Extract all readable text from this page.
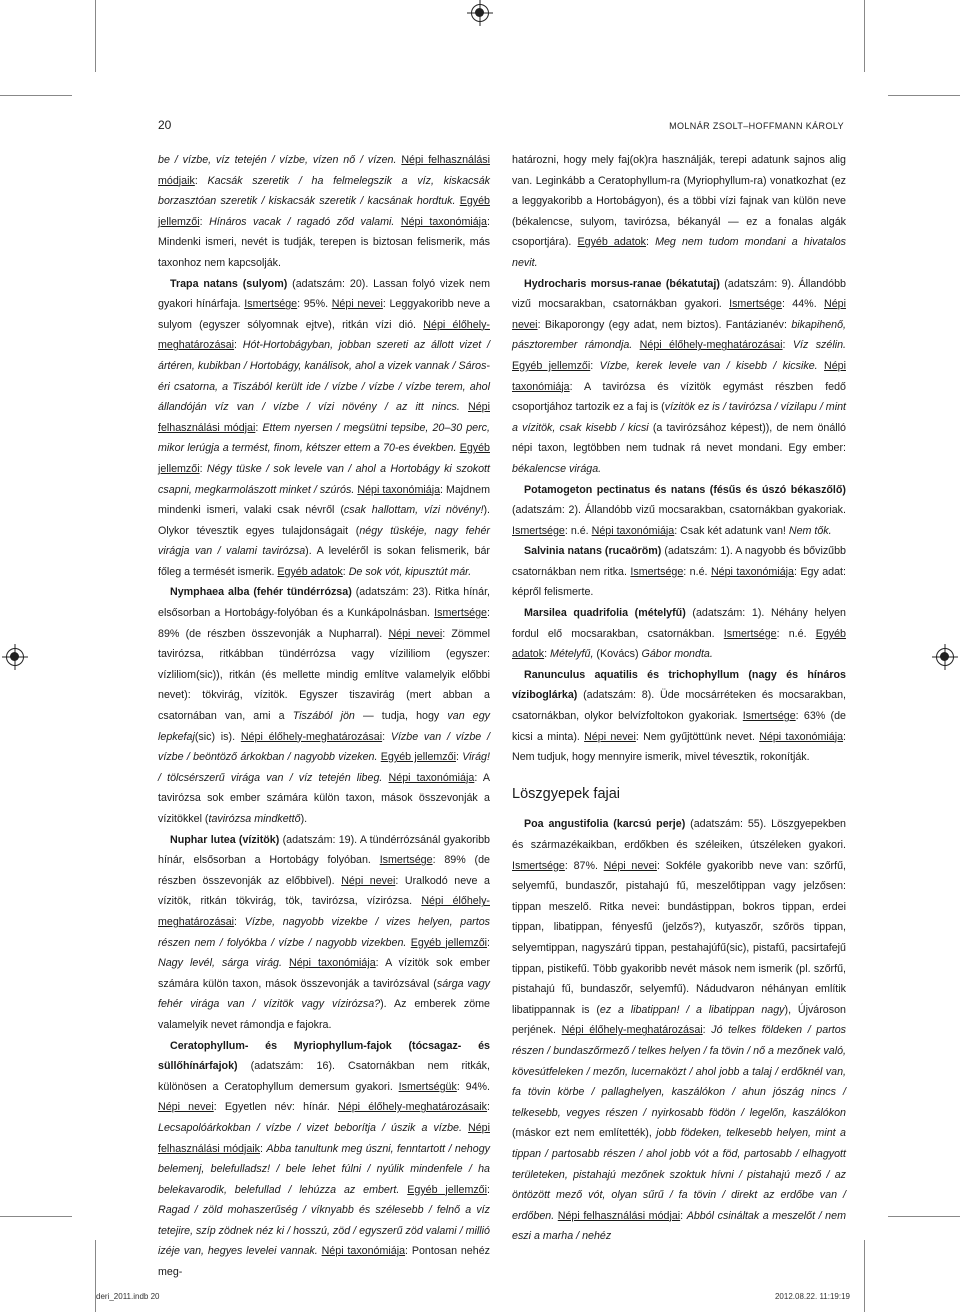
20	MOLNÁR ZSOLT–HOFFMANN KÁROLY

be / vízbe, víz tetején / vízbe, vízen nő / vízen. Népi felhasználási módjaik: Kacsák szeretik / ha felmelegszik a víz, kiskacsák borzasztóan szeretik / kiskacsák szeretik / kacsának hordtuk. Egyéb jellemzői: Hínáros vacak / ragadó ződ valami. Népi taxonómiája: Mindenki ismeri, nevét is tudják, terepen is biztosan felismerik, más taxonhoz nem kapcsolják.

Trapa natans (sulyom) (adatszám: 20). Lassan folyó vizek nem gyakori hínárfaja. Ismertsége: 95%. Népi nevei: Leggyakoribb neve a sulyom (egyszer sólyomnak ejtve), ritkán vízi dió. Népi élőhely-meghatározásai: Hót-Hortobágyban, jobban szereti az állott vizet / ártéren, kubikban / Hortobágy, kanálisok, ahol a vizek vannak / Sáros-éri csatorna, a Tiszából került ide / vízbe / vízbe / vízbe terem, ahol állandóján víz van / vízbe / vízi növény / az itt nincs. Népi felhasználási módjai: Ettem nyersen / megsütni tepsibe, 20–30 perc, mikor lerúgja a termést, finom, kétszer ettem a 70-es években. Egyéb jellemzői: Négy tüske / sok levele van / ahol a Hortobágy ki szokott csapni, megkarmolászott minket / szúrós. Népi taxonómiája: Majdnem mindenki ismeri, valaki csak névről (csak hallottam, vízi növény!). Olykor tévesztik egyes tulajdonságait (négy tüskéje, nagy fehér virágja van / valami tavirózsa). A leveléről is sokan felismerik, bár főleg a termését ismerik. Egyéb adatok: De sok vót, kipusztút már.

Nymphaea alba (fehér tündérrózsa) (adatszám: 23). Ritka hínár, elsősorban a Hortobágy-folyóban és a Kunkápolnásban. Ismertsége: 89% (de részben összevonják a Nupharral). Népi nevei: Zömmel tavirózsa, ritkábban tündérrózsa vagy vízililiom (egyszer: vízliliom(sic)), ritkán (és mellette mindig említve valamelyik előbbi nevet): tökvirág, vízitök. Egyszer tiszavirág (mert abban a csatornában van, ami a Tiszából jön — tudja, hogy van egy lepkefaj(sic) is). Népi élőhely-meghatározásai: Vízbe van / vízbe / vízbe / beöntöző árkokban / nagyobb vizeken. Egyéb jellemzői: Virág! / tölcsérszerű virága van / víz tetején libeg. Népi taxonómiája: A tavirózsa sok ember számára külön taxon, mások összevonják a vízitökkel (tavirózsa mindkettő).

Nuphar lutea (vízitök) (adatszám: 19). A tündérrózsánál gyakoribb hínár, elsősorban a Hortobágy folyóban. Ismertsége: 89% (de részben összevonják az előbbivel). Népi nevei: Uralkodó neve a vízitök, ritkán tökvirág, tök, tavirózsa, vízirózsa. Népi élőhely-meghatározásai: Vízbe, nagyobb vizekbe / vizes helyen, partos részen nem / folyókba / vízbe / nagyobb vizekben. Egyéb jellemzői: Nagy levél, sárga virág. Népi taxonómiája: A vízitök sok ember számára külön taxon, mások összevonják a tavirózsával (sárga vagy fehér virága van / vízitök vagy vízirózsa?). Az emberek zöme valamelyik nevet rámondja e fajokra.

Ceratophyllum- és Myriophyllum-fajok (tócsagaz- és süllőhínárfajok) (adatszám: 16). Csatornákban nem ritkák, különösen a Ceratophyllum demersum gyakori. Ismertségük: 94%. Népi nevei: Egyetlen név: hínár. Népi élőhely-meghatározásaik: Lecsapolóárkokban / vízbe / vizet beborítja / úszik a vízbe. Népi felhasználási módjaik: Abba tanultunk meg úszni, fenntartott / nehogy belemenj, belefulladsz! / bele lehet fúlni / nyúlik mindenfele / ha belekavarodik, belefullad / lehúzza az embert. Egyéb jellemzői: Ragad / zöld mohaszerűség / víknyabb és szélesebb / felnő a víz tetejire, szíp zödnek néz ki / hosszú, zöd / egyszerű zöd valami / millió izéje van, hegyes levelei vannak. Népi taxonómiája: Pontosan nehéz meg-

határozni, hogy mely faj(ok)ra használják, terepi adatunk sajnos alig van. Leginkább a Ceratophyllum-ra (Myriophyllum-ra) vonatkozhat (ez a leggyakoribb a Hortobágyon), és a többi vízi fajnak van külön neve (békalencse, sulyom, tavirózsa, békanyál — ez a fonalas algák csoportjára). Egyéb adatok: Meg nem tudom mondani a hivatalos nevit.

Hydrocharis morsus-ranae (békatutaj) (adatszám: 9). Állandóbb vizű mocsarakban, csatornákban gyakori. Ismertsége: 44%. Népi nevei: Bikaporongy (egy adat, nem biztos). Fantázianév: bikapihenő, pásztorember rámondja. Népi élőhely-meghatározásai: Víz szélin. Egyéb jellemzői: Vízbe, kerek levele van / kisebb / kicsike. Népi taxonómiája: A tavirózsa és vízitök egymást részben fedő csoportjához tartozik ez a faj is (vízitök ez is / tavirózsa / vízilapu / mint a vízitök, csak kisebb / kicsi (a tavirózsához képest)), de nem önálló népi taxon, legtöbben nem tudnak rá nevet mondani. Egy ember: békalencse virága.

Potamogeton pectinatus és natans (fésűs és úszó békaszőlő) (adatszám: 2). Állandóbb vizű mocsarakban, csatornákban gyakoriak. Ismertsége: n.é. Népi taxonómiája: Csak két adatunk van! Nem tők.

Salvinia natans (rucaöröm) (adatszám: 1). A nagyobb és bővizűbb csatornákban nem ritka. Ismertsége: n.é. Népi taxonómiája: Egy adat: képről felismerte.

Marsilea quadrifolia (mételyfű) (adatszám: 1). Néhány helyen fordul elő mocsarakban, csatornákban. Ismertsége: n.é. Egyéb adatok: Mételyfű, (Kovács) Gábor mondta.

Ranunculus aquatilis és trichophyllum (nagy és hínáros víziboglárka) (adatszám: 8). Üde mocsárréteken és mocsarakban, csatornákban, olykor belvízfoltokon gyakoriak. Ismertsége: 63% (de kicsi a minta). Népi nevei: Nem gyűjtöttünk nevet. Népi taxonómiája: Nem tudjuk, hogy mennyire ismerik, mivel tévesztik, rokonítják.

Löszgyepek fajai

Poa angustifolia (karcsú perje) (adatszám: 55). Löszgyepekben és származékaikban, erdőkben és széleiken, útszéleken gyakori. Ismertsége: 87%. Népi nevei: Sokféle gyakoribb neve van: szőrfű, selyemfű, bundaszőr, pistahajú fű, meszelőtippan vagy jelzősen: tippan meszelő. Ritka nevei: bundástippan, bokros tippan, erdei tippan, libatippan, fényesfű (jelzős?), kutyaszőr, szőrös tippan, selyemtippan, nagyszárú tippan, pestahajúfű(sic), pistafű, pacsirtafejű tippan, pistikefű. Több gyakoribb nevét mások nem ismerik (pl. szőrfű, pistahajú fű, bundaszőr, selyemfű). Nádudvaron néhányan említik libatippannak is (ez a libatippan! / a libatippan nagy), Újvároson perjének. Népi élőhely-meghatározásai: Jó telkes földeken / partos részen / bundaszőrmező / telkes helyen / fa tövin / nő a mezőnek való, kövesútfeleken / mezőn, lucernaközt / ahol jobb a talaj / erdőknél van, fa tövin körbe / pallaghelyen, kaszálókon / ahun jószág nincs / telkesebb, vegyes részen / nyirkosabb födön / legelőn, kaszálókon (máskor ezt nem említették), jobb födeken, telkesebb helyen, mint a tippan / partosabb részen / ahol jobb vót a föd, partosabb / elhagyott területeken, pistahajú mezőnek szoktuk hívni / pistahajú mező / az öntözött mező vót, olyan sűrű / fa tövin / direkt az erdőbe van / erdőben. Népi felhasználási módjai: Abból csináltak a meszelőt / nem eszi a marha / nehéz

deri_2011.indb 20	2012.08.22. 11:19:19
